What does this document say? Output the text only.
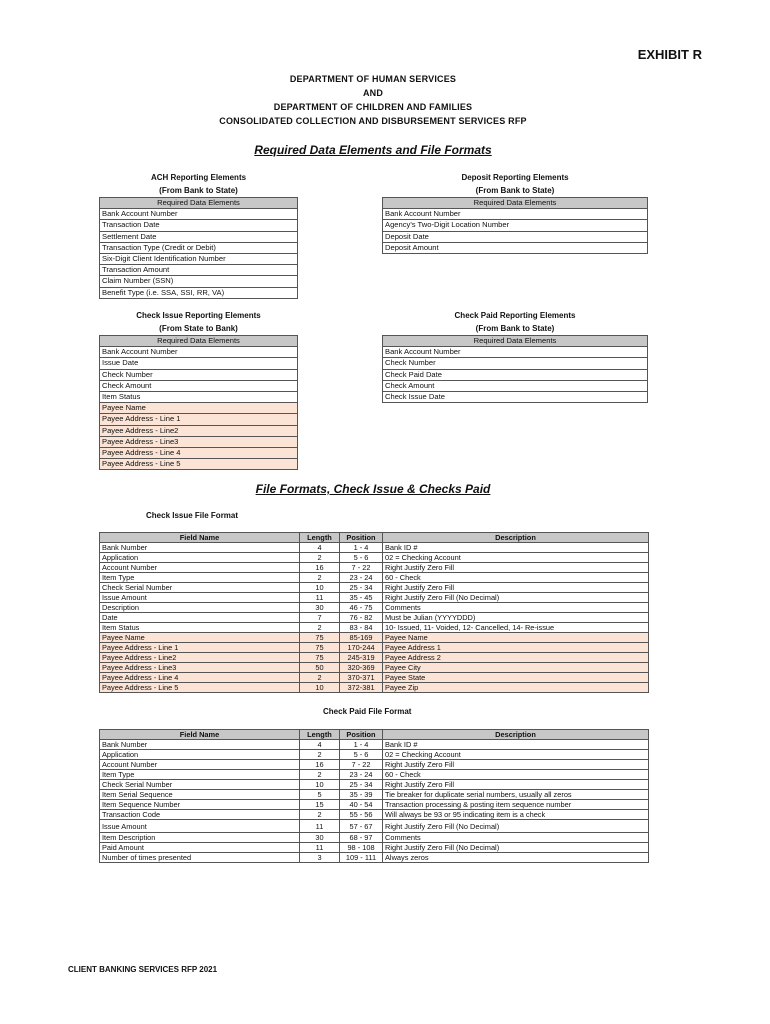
EXHIBIT R
DEPARTMENT OF HUMAN SERVICES
AND
DEPARTMENT OF CHILDREN AND FAMILIES
CONSOLIDATED COLLECTION AND DISBURSEMENT SERVICES RFP
Required Data Elements and File Formats
ACH Reporting Elements
(From Bank to State)
Required Data Elements
Bank Account Number
Transaction Date
Settlement Date
Transaction Type (Credit or Debit)
Six-Digit Client Identification Number
Transaction Amount
Claim Number (SSN)
Benefit Type (i.e. SSA, SSI, RR, VA)
Deposit Reporting Elements
(From Bank to State)
Required Data Elements
Bank Account Number
Agency's Two-Digit Location Number
Deposit Date
Deposit Amount
Check Issue Reporting Elements
(From State to Bank)
Required Data Elements
Bank Account Number
Issue Date
Check Number
Check Amount
Item Status
Payee Name
Payee Address - Line 1
Payee Address - Line2
Payee Address - Line3
Payee Address - Line 4
Payee Address - Line 5
Check Paid Reporting Elements
(From Bank to State)
Required Data Elements
Bank Account Number
Check Number
Check Paid Date
Check Amount
Check Issue Date
File Formats, Check Issue & Checks Paid
Check Issue File Format
Field Name	Length	Position	Description
Bank Number	4	1 - 4	Bank ID #
Application	2	5 - 6	02 = Checking Account
Account Number	16	7 - 22	Right Justify Zero Fill
Item Type	2	23 - 24	60 - Check
Check Serial Number	10	25 - 34	Right Justify Zero Fill
Issue Amount	11	35 - 45	Right Justify Zero Fill (No Decimal)
Description	30	46 - 75	Comments
Date	7	76 - 82	Must be Julian (YYYYDDD)
Item Status	2	83 - 84	10- Issued, 11- Voided, 12- Cancelled, 14- Re-issue
Payee Name	75	85-169	Payee Name
Payee Address - Line 1	75	170-244	Payee Address 1
Payee Address - Line2	75	245-319	Payee Address 2
Payee Address - Line3	50	320-369	Payee City
Payee Address - Line 4	2	370-371	Payee State
Payee Address - Line 5	10	372-381	Payee Zip
Check Paid File Format
Field Name	Length	Position	Description
Bank Number	4	1 - 4	Bank ID #
Application	2	5 - 6	02 = Checking Account
Account Number	16	7 - 22	Right Justify Zero Fill
Item Type	2	23 - 24	60 - Check
Check Serial Number	10	25 - 34	Right Justify Zero Fill
Item Serial Sequence	5	35 - 39	Tie breaker for duplicate serial numbers, usually all zeros
Item Sequence Number	15	40 - 54	Transaction processing & posting item sequence number
Transaction Code	2	55 - 56	Will always be 93 or 95 indicating item is a check
Issue Amount	11	57 - 67	Right Justify Zero Fill (No Decimal)
Item Description	30	68 - 97	Comments
Paid Amount	11	98 - 108	Right Justify Zero Fill (No Decimal)
Number of times presented	3	109 - 111	Always zeros
CLIENT BANKING SERVICES RFP 2021
